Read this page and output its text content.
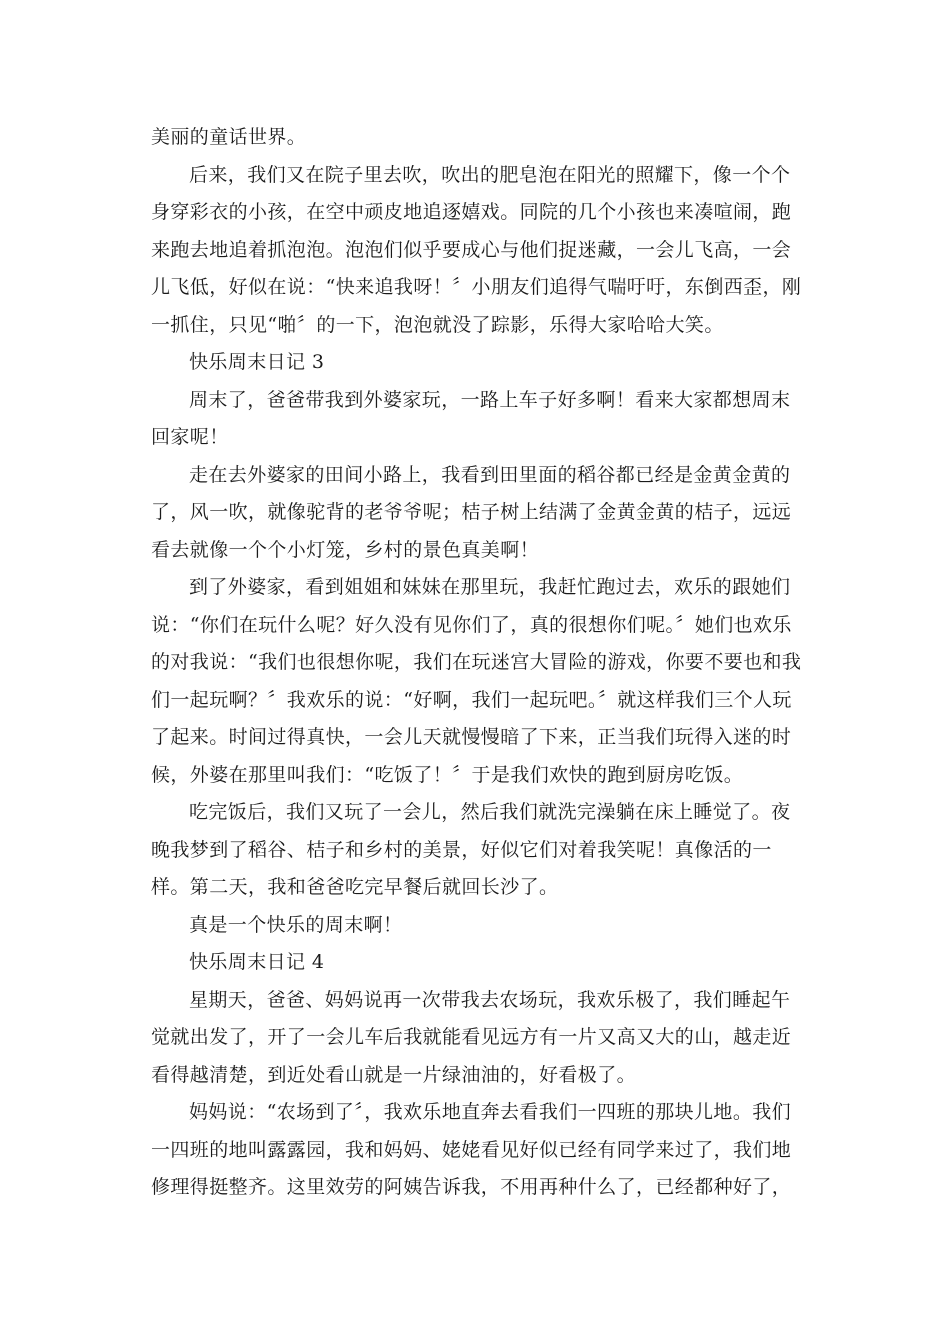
美丽的童话世界。
后来，我们又在院子里去吹，吹出的肥皂泡在阳光的照耀下，像一个个
身穿彩衣的小孩，在空中顽皮地追逐嬉戏。同院的几个小孩也来凑喧闹，跑
来跑去地追着抓泡泡。泡泡们似乎要成心与他们捉迷藏，一会儿飞高，一会
儿飞低，好似在说：“快来追我呀！〞小朋友们追得气喘吁吁，东倒西歪，刚
一抓住，只见“啪〞的一下，泡泡就没了踪影，乐得大家哈哈大笑。
快乐周末日记 3
周末了，爸爸带我到外婆家玩，一路上车子好多啊！看来大家都想周末
回家呢！
走在去外婆家的田间小路上，我看到田里面的稻谷都已经是金黄金黄的
了，风一吹，就像驼背的老爷爷呢；桔子树上结满了金黄金黄的桔子，远远
看去就像一个个小灯笼，乡村的景色真美啊！
到了外婆家，看到姐姐和妹妹在那里玩，我赶忙跑过去，欢乐的跟她们
说：“你们在玩什么呢？好久没有见你们了，真的很想你们呢。〞她们也欢乐
的对我说：“我们也很想你呢，我们在玩迷宫大冒险的游戏，你要不要也和我
们一起玩啊？〞我欢乐的说：“好啊，我们一起玩吧。〞就这样我们三个人玩
了起来。时间过得真快，一会儿天就慢慢暗了下来，正当我们玩得入迷的时
候，外婆在那里叫我们：“吃饭了！〞于是我们欢快的跑到厨房吃饭。
吃完饭后，我们又玩了一会儿，然后我们就洗完澡躺在床上睡觉了。夜
晚我梦到了稻谷、桔子和乡村的美景，好似它们对着我笑呢！真像活的一
样。第二天，我和爸爸吃完早餐后就回长沙了。
真是一个快乐的周末啊！
快乐周末日记 4
星期天，爸爸、妈妈说再一次带我去农场玩，我欢乐极了，我们睡起午
觉就出发了，开了一会儿车后我就能看见远方有一片又高又大的山，越走近
看得越清楚，到近处看山就是一片绿油油的，好看极了。
妈妈说：“农场到了〞，我欢乐地直奔去看我们一四班的那块儿地。我们
一四班的地叫露露园，我和妈妈、姥姥看见好似已经有同学来过了，我们地
修理得挺整齐。这里效劳的阿姨告诉我，不用再种什么了，已经都种好了，
